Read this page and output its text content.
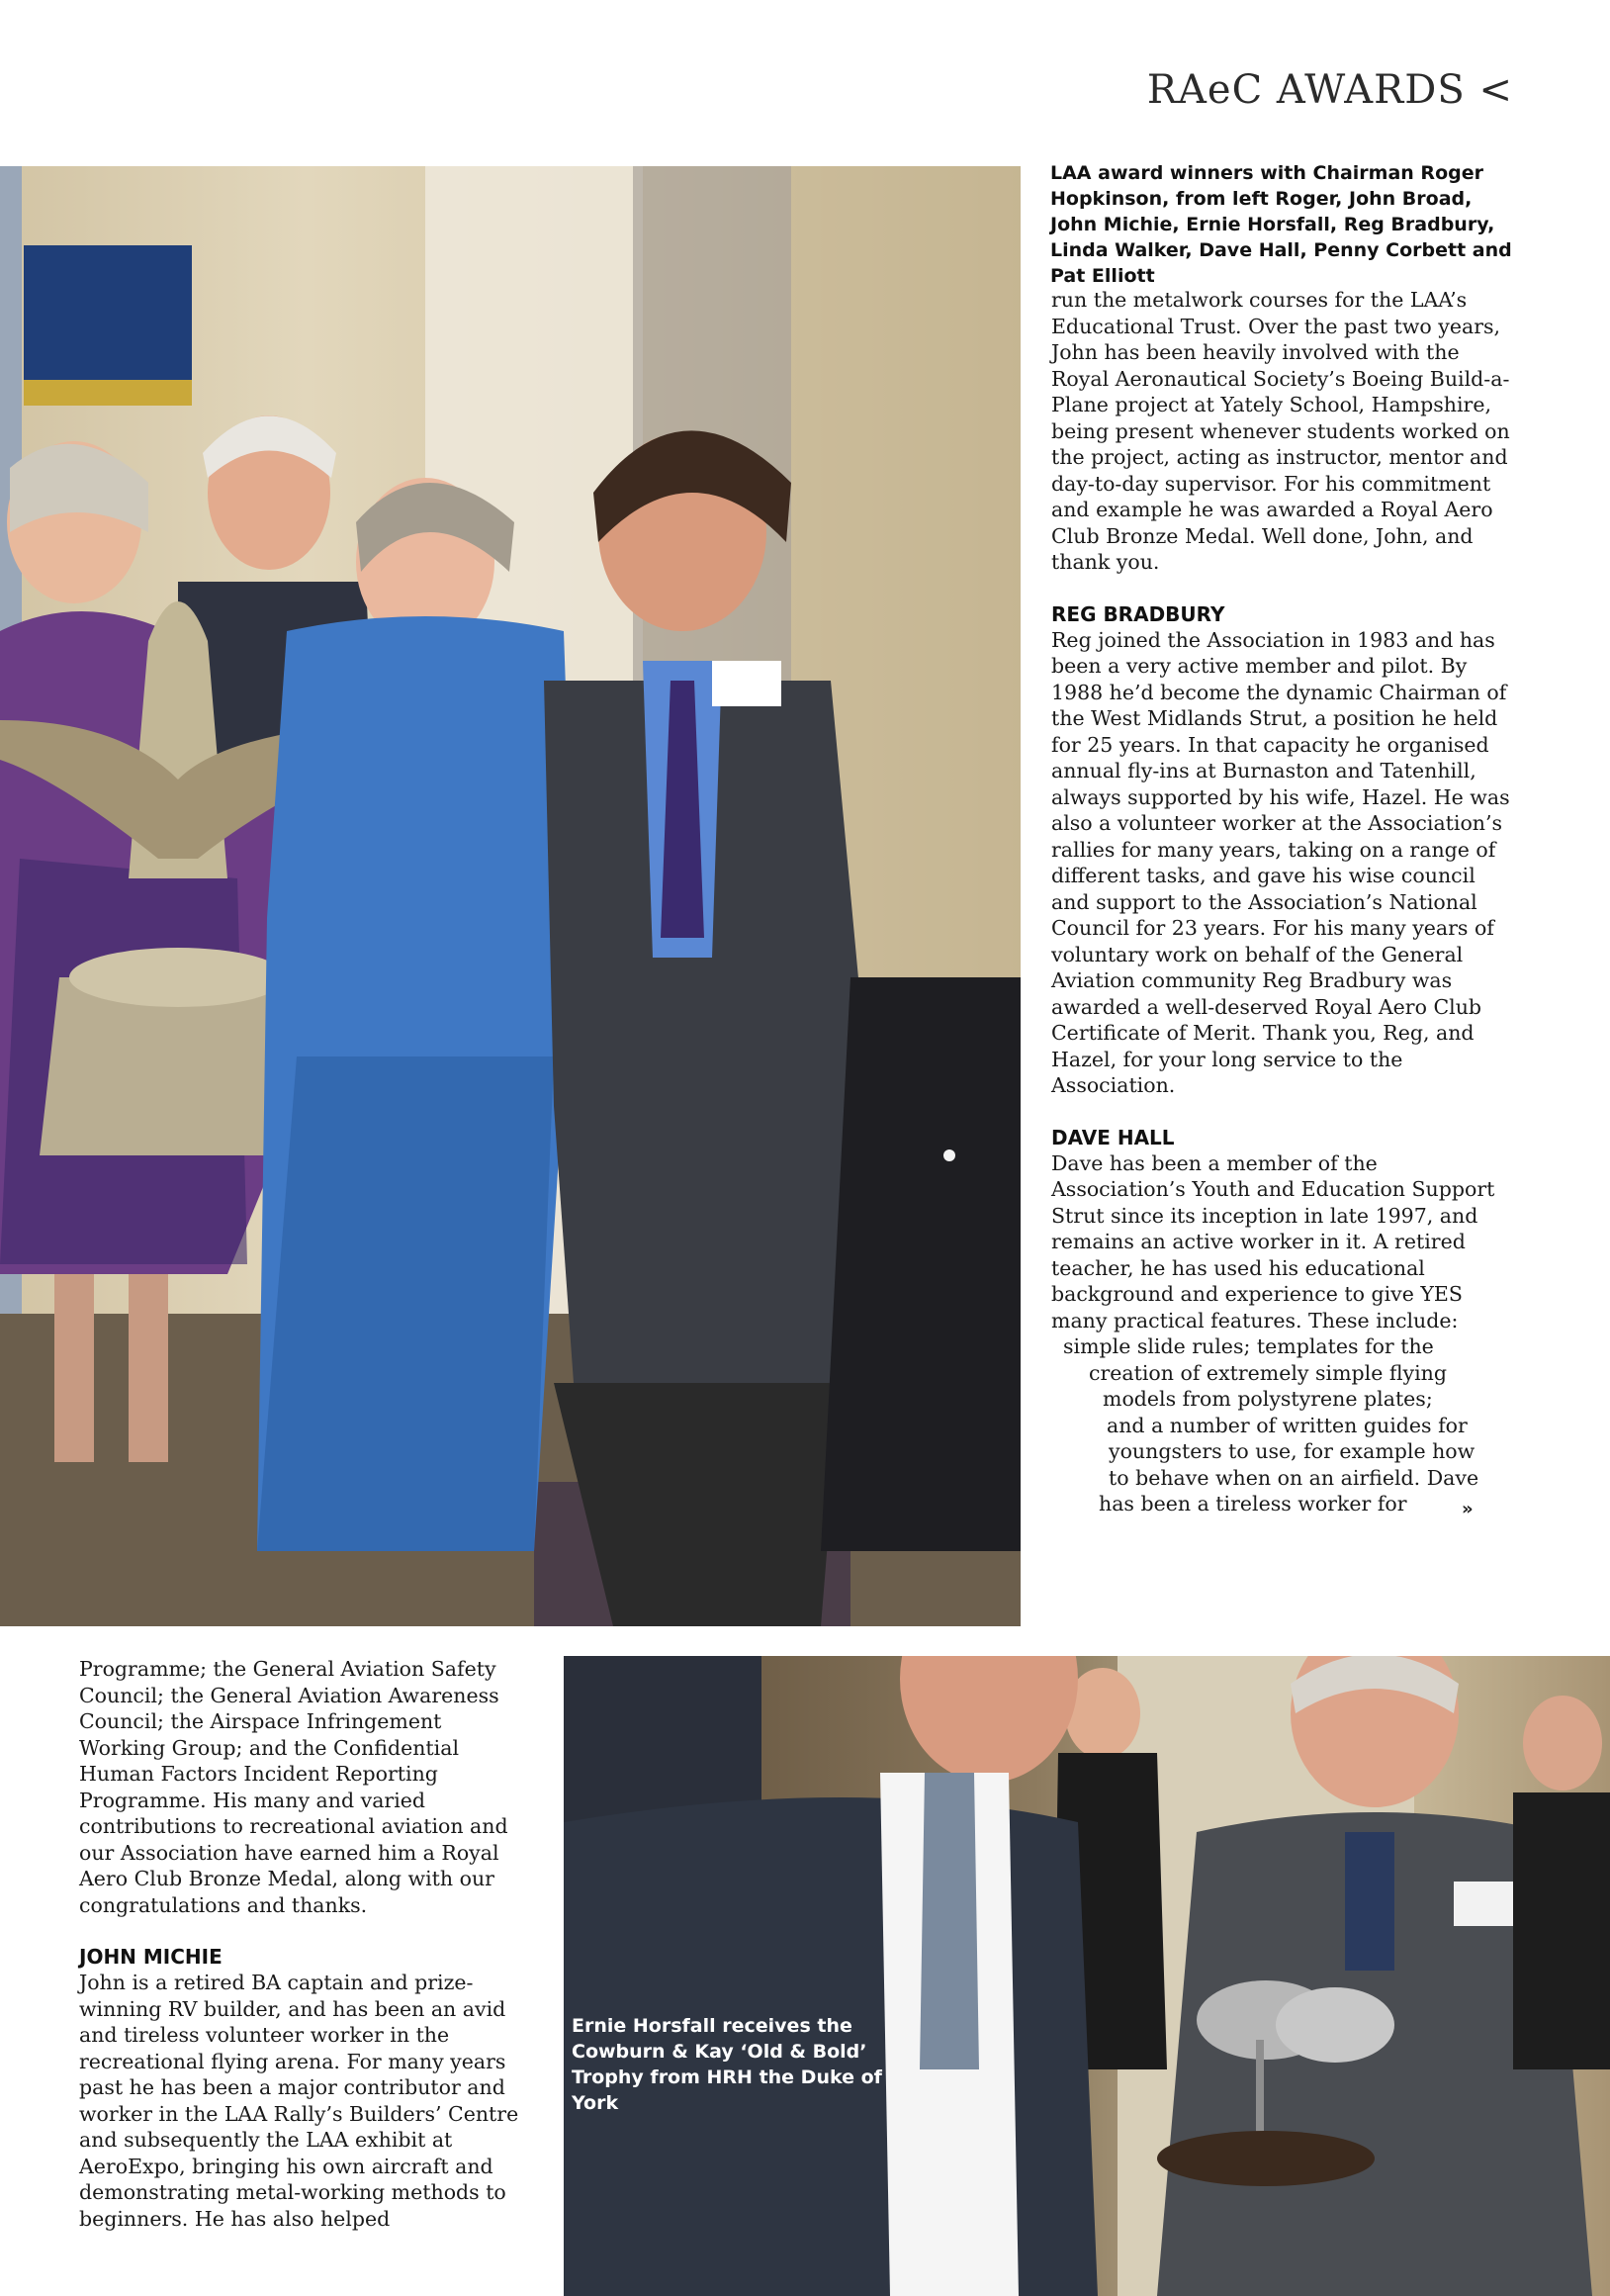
RAeC AWARDS <
LAA award winners with Chairman Roger Hopkinson, from left Roger, John Broad, John Michie, Ernie Horsfall, Reg Bradbury, Linda Walker, Dave Hall, Penny Corbett and Pat Elliott
Ernie Horsfall receives the Cowburn & Kay ‘Old & Bold’ Trophy from HRH the Duke of York

run the metalwork courses for the LAA’s Educational Trust. Over the past two years, John has been heavily involved with the Royal Aeronautical Society’s Boeing Build-a-Plane project at Yately School, Hampshire, being present whenever students worked on the project, acting as instructor, mentor and day-to-day supervisor. For his commitment and example he was awarded a Royal Aero Club Bronze Medal. Well done, John, and thank you.

REG BRADBURY

Reg joined the Association in 1983 and has been a very active member and pilot. By 1988 he’d become the dynamic Chairman of the West Midlands Strut, a position he held for 25 years. In that capacity he organised annual fly-ins at Burnaston and Tatenhill, always supported by his wife, Hazel. He was also a volunteer worker at the Association’s rallies for many years, taking on a range of different tasks, and gave his wise council and support to the Association’s National Council for 23 years. For his many years of voluntary work on behalf of the General Aviation community Reg Bradbury was awarded a well-deserved Royal Aero Club Certificate of Merit. Thank you, Reg, and Hazel, for your long service to the Association.

DAVE HALL
Dave has been a member of the
Association’s Youth and Education Support
Strut since its inception in late 1997, and
remains an active worker in it. A retired
teacher, he has used his educational
background and experience to give YES
many practical features. These include:
simple slide rules; templates for the
creation of extremely simple flying
models from polystyrene plates;
and a number of written guides for
youngsters to use, for example how
to behave when on an airfield. Dave
has been a tireless worker for	»

Programme; the General Aviation Safety Council; the General Aviation Awareness Council; the Airspace Infringement Working Group; and the Confidential Human Factors Incident Reporting Programme. His many and varied contributions to recreational aviation and our Association have earned him a Royal Aero Club Bronze Medal, along with our congratulations and thanks.

JOHN MICHIE

John is a retired BA captain and prize-winning RV builder, and has been an avid and tireless volunteer worker in the recreational flying arena. For many years past he has been a major contributor and worker in the LAA Rally’s Builders’ Centre and subsequently the LAA exhibit at AeroExpo, bringing his own aircraft and demonstrating metal-working methods to beginners. He has also helped
